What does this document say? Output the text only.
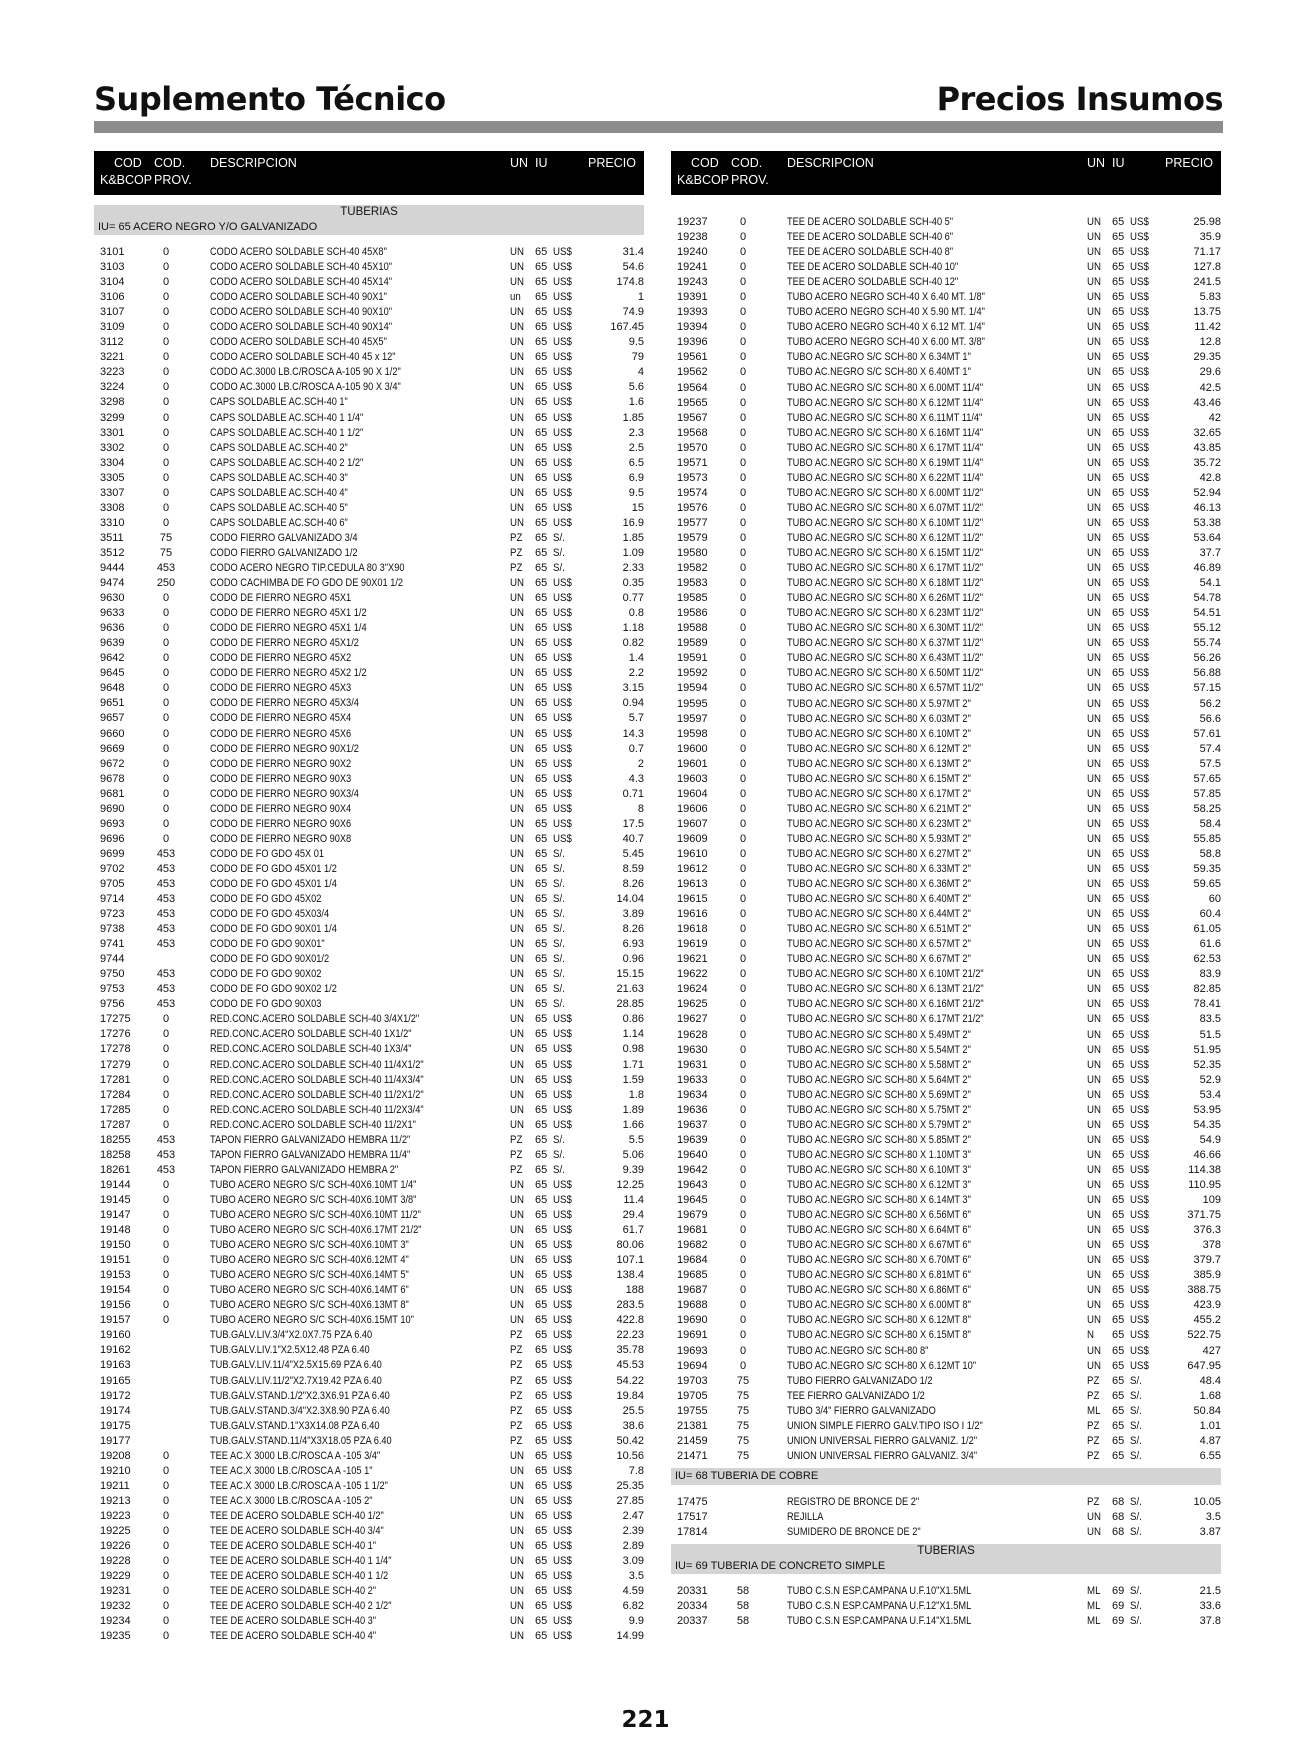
Suplemento Técnico	Precios Insumos
COD
K&BCOP
COD.
PROV.
DESCRIPCION	UN IU	PRECIO
TUBERIAS
IU= 65 ACERO NEGRO Y/O GALVANIZADO
3101	0	CODO ACERO SOLDABLE SCH-40 45X8"	UN 65 US$	31.4
3103	0	CODO ACERO SOLDABLE SCH-40 45X10"	UN 65 US$	54.6
3104	0	CODO ACERO SOLDABLE SCH-40 45X14"	UN 65 US$	174.8
3106	0	CODO ACERO SOLDABLE SCH-40 90X1"	un 65 US$	1
3107	0	CODO ACERO SOLDABLE SCH-40 90X10"	UN 65 US$	74.9
3109	0	CODO ACERO SOLDABLE SCH-40 90X14"	UN 65 US$	167.45
3112	0	CODO ACERO SOLDABLE SCH-40 45X5"	UN 65 US$	9.5
3221	0	CODO ACERO SOLDABLE SCH-40 45 x 12"	UN 65 US$	79
3223	0	CODO AC.3000 LB.C/ROSCA A-105 90 X 1/2"	UN 65 US$	4
3224	0	CODO AC.3000 LB.C/ROSCA A-105 90 X 3/4"	UN 65 US$	5.6
3298	0	CAPS SOLDABLE AC.SCH-40 1"	UN 65 US$	1.6
3299	0	CAPS SOLDABLE AC.SCH-40 1 1/4"	UN 65 US$	1.85
3301	0	CAPS SOLDABLE AC.SCH-40 1 1/2"	UN 65 US$	2.3
3302	0	CAPS SOLDABLE AC.SCH-40 2"	UN 65 US$	2.5
3304	0	CAPS SOLDABLE AC.SCH-40 2 1/2"	UN 65 US$	6.5
3305	0	CAPS SOLDABLE AC.SCH-40 3"	UN 65 US$	6.9
3307	0	CAPS SOLDABLE AC.SCH-40 4"	UN 65 US$	9.5
3308	0	CAPS SOLDABLE AC.SCH-40 5"	UN 65 US$	15
3310	0	CAPS SOLDABLE AC.SCH-40 6"	UN 65 US$	16.9
3511	75	CODO FIERRO GALVANIZADO 3/4	PZ 65 S/.	1.85
3512	75	CODO FIERRO GALVANIZADO 1/2	PZ 65 S/.	1.09
9444	453	CODO ACERO NEGRO TIP.CEDULA 80 3"X90	PZ 65 S/.	2.33
9474	250	CODO CACHIMBA DE FO GDO DE 90X01 1/2	UN 65 US$	0.35
9630	0	CODO DE FIERRO NEGRO 45X1	UN 65 US$	0.77
9633	0	CODO DE FIERRO NEGRO 45X1 1/2	UN 65 US$	0.8
9636	0	CODO DE FIERRO NEGRO 45X1 1/4	UN 65 US$	1.18
9639	0	CODO DE FIERRO NEGRO 45X1/2	UN 65 US$	0.82
9642	0	CODO DE FIERRO NEGRO 45X2	UN 65 US$	1.4
9645	0	CODO DE FIERRO NEGRO 45X2 1/2	UN 65 US$	2.2
9648	0	CODO DE FIERRO NEGRO 45X3	UN 65 US$	3.15
9651	0	CODO DE FIERRO NEGRO 45X3/4	UN 65 US$	0.94
9657	0	CODO DE FIERRO NEGRO 45X4	UN 65 US$	5.7
9660	0	CODO DE FIERRO NEGRO 45X6	UN 65 US$	14.3
9669	0	CODO DE FIERRO NEGRO 90X1/2	UN 65 US$	0.7
9672	0	CODO DE FIERRO NEGRO 90X2	UN 65 US$	2
9678	0	CODO DE FIERRO NEGRO 90X3	UN 65 US$	4.3
9681	0	CODO DE FIERRO NEGRO 90X3/4	UN 65 US$	0.71
9690	0	CODO DE FIERRO NEGRO 90X4	UN 65 US$	8
9693	0	CODO DE FIERRO NEGRO 90X6	UN 65 US$	17.5
9696	0	CODO DE FIERRO NEGRO 90X8	UN 65 US$	40.7
9699	453	CODO DE FO GDO 45X 01	UN 65 S/.	5.45
9702	453	CODO DE FO GDO 45X01 1/2	UN 65 S/.	8.59
9705	453	CODO DE FO GDO 45X01 1/4	UN 65 S/.	8.26
9714	453	CODO DE FO GDO 45X02	UN 65 S/.	14.04
9723	453	CODO DE FO GDO 45X03/4	UN 65 S/.	3.89
9738	453	CODO DE FO GDO 90X01 1/4	UN 65 S/.	8.26
9741	453	CODO DE FO GDO 90X01"	UN 65 S/.	6.93
9744	CODO DE FO GDO 90X01/2	UN 65 S/.	0.96
9750	453	CODO DE FO GDO 90X02	UN 65 S/.	15.15
9753	453	CODO DE FO GDO 90X02 1/2	UN 65 S/.	21.63
9756	453	CODO DE FO GDO 90X03	UN 65 S/.	28.85
17275	0	RED.CONC.ACERO SOLDABLE SCH-40 3/4X1/2"	UN 65 US$	0.86
17276	0	RED.CONC.ACERO SOLDABLE SCH-40 1X1/2"	UN 65 US$	1.14
17278	0	RED.CONC.ACERO SOLDABLE SCH-40 1X3/4"	UN 65 US$	0.98
17279	0	RED.CONC.ACERO SOLDABLE SCH-40 11/4X1/2"	UN 65 US$	1.71
17281	0	RED.CONC.ACERO SOLDABLE SCH-40 11/4X3/4"	UN 65 US$	1.59
17284	0	RED.CONC.ACERO SOLDABLE SCH-40 11/2X1/2"	UN 65 US$	1.8
17285	0	RED.CONC.ACERO SOLDABLE SCH-40 11/2X3/4"	UN 65 US$	1.89
17287	0	RED.CONC.ACERO SOLDABLE SCH-40 11/2X1"	UN 65 US$	1.66
18255 453	TAPON FIERRO GALVANIZADO HEMBRA 11/2"	PZ 65 S/.	5.5
18258 453	TAPON FIERRO GALVANIZADO HEMBRA 11/4"	PZ 65 S/.	5.06
18261 453	TAPON FIERRO GALVANIZADO HEMBRA 2"	PZ 65 S/.	9.39
19144	0	TUBO ACERO NEGRO S/C SCH-40X6.10MT 1/4"	UN 65 US$	12.25
19145	0	TUBO ACERO NEGRO S/C SCH-40X6.10MT 3/8"	UN 65 US$	11.4
19147	0	TUBO ACERO NEGRO S/C SCH-40X6.10MT 11/2"	UN 65 US$	29.4
19148	0	TUBO ACERO NEGRO S/C SCH-40X6.17MT 21/2"	UN 65 US$	61.7
19150	0	TUBO ACERO NEGRO S/C SCH-40X6.10MT 3"	UN 65 US$	80.06
19151	0	TUBO ACERO NEGRO S/C SCH-40X6.12MT 4"	UN 65 US$	107.1
19153	0	TUBO ACERO NEGRO S/C SCH-40X6.14MT 5"	UN 65 US$	138.4
19154	0	TUBO ACERO NEGRO S/C SCH-40X6.14MT 6"	UN 65 US$	188
19156	0	TUBO ACERO NEGRO S/C SCH-40X6.13MT 8"	UN 65 US$	283.5
19157	0	TUBO ACERO NEGRO S/C SCH-40X6.15MT 10"	UN 65 US$	422.8
19160	TUB.GALV.LIV.3/4"X2.0X7.75 PZA 6.40	PZ 65 US$	22.23
19162	TUB.GALV.LIV.1"X2.5X12.48 PZA 6.40	PZ 65 US$	35.78
19163	TUB.GALV.LIV.11/4"X2.5X15.69 PZA 6.40	PZ 65 US$	45.53
19165	TUB.GALV.LIV.11/2"X2.7X19.42 PZA 6.40	PZ 65 US$	54.22
19172	TUB.GALV.STAND.1/2"X2.3X6.91 PZA 6.40	PZ 65 US$	19.84
19174	TUB.GALV.STAND.3/4"X2.3X8.90 PZA 6.40	PZ 65 US$	25.5
19175	TUB.GALV.STAND.1"X3X14.08 PZA 6.40	PZ 65 US$	38.6
19177	TUB.GALV.STAND.11/4"X3X18.05 PZA 6.40	PZ 65 US$	50.42
19208	0	TEE AC.X 3000 LB.C/ROSCA A -105 3/4"	UN 65 US$	10.56
19210	0	TEE AC.X 3000 LB.C/ROSCA A -105 1"	UN 65 US$	7.8
19211	0	TEE AC.X 3000 LB.C/ROSCA A -105 1 1/2"	UN 65 US$	25.35
19213	0	TEE AC.X 3000 LB.C/ROSCA A -105 2"	UN 65 US$	27.85
19223	0	TEE DE ACERO SOLDABLE SCH-40 1/2"	UN 65 US$	2.47
19225	0	TEE DE ACERO SOLDABLE SCH-40 3/4"	UN 65 US$	2.39
19226	0	TEE DE ACERO SOLDABLE SCH-40 1"	UN 65 US$	2.89
19228	0	TEE DE ACERO SOLDABLE SCH-40 1 1/4"	UN 65 US$	3.09
19229	0	TEE DE ACERO SOLDABLE SCH-40 1 1/2	UN 65 US$	3.5
19231	0	TEE DE ACERO SOLDABLE SCH-40 2"	UN 65 US$	4.59
19232	0	TEE DE ACERO SOLDABLE SCH-40 2 1/2"	UN 65 US$	6.82
19234	0	TEE DE ACERO SOLDABLE SCH-40 3"	UN 65 US$	9.9
19235	0	TEE DE ACERO SOLDABLE SCH-40 4"	UN 65 US$	14.99
COD
K&BCOP
COD.
PROV.
DESCRIPCION	UN IU	PRECIO
19237	0	TEE DE ACERO SOLDABLE SCH-40 5"	UN 65 US$	25.98
19238	0	TEE DE ACERO SOLDABLE SCH-40 6"	UN 65 US$	35.9
19240	0	TEE DE ACERO SOLDABLE SCH-40 8"	UN 65 US$	71.17
19241	0	TEE DE ACERO SOLDABLE SCH-40 10"	UN 65 US$	127.8
19243	0	TEE DE ACERO SOLDABLE SCH-40 12"	UN 65 US$	241.5
19391	0	TUBO ACERO NEGRO SCH-40 X 6.40 MT. 1/8"	UN 65 US$	5.83
19393	0	TUBO ACERO NEGRO SCH-40 X 5.90 MT. 1/4"	UN 65 US$	13.75
19394	0	TUBO ACERO NEGRO SCH-40 X 6.12 MT. 1/4"	UN 65 US$	11.42
19396	0	TUBO ACERO NEGRO SCH-40 X 6.00 MT. 3/8"	UN 65 US$	12.8
19561	0	TUBO AC.NEGRO S/C SCH-80 X 6.34MT 1"	UN 65 US$	29.35
19562	0	TUBO AC.NEGRO S/C SCH-80 X 6.40MT 1"	UN 65 US$	29.6
19564	0	TUBO AC.NEGRO S/C SCH-80 X 6.00MT 11/4"	UN 65 US$	42.5
19565	0	TUBO AC.NEGRO S/C SCH-80 X 6.12MT 11/4"	UN 65 US$	43.46
19567	0	TUBO AC.NEGRO S/C SCH-80 X 6.11MT 11/4"	UN 65 US$	42
19568	0	TUBO AC.NEGRO S/C SCH-80 X 6.16MT 11/4"	UN 65 US$	32.65
19570	0	TUBO AC.NEGRO S/C SCH-80 X 6.17MT 11/4"	UN 65 US$	43.85
19571	0	TUBO AC.NEGRO S/C SCH-80 X 6.19MT 11/4"	UN 65 US$	35.72
19573	0	TUBO AC.NEGRO S/C SCH-80 X 6.22MT 11/4"	UN 65 US$	42.8
19574	0	TUBO AC.NEGRO S/C SCH-80 X 6.00MT 11/2"	UN 65 US$	52.94
19576	0	TUBO AC.NEGRO S/C SCH-80 X 6.07MT 11/2"	UN 65 US$	46.13
19577	0	TUBO AC.NEGRO S/C SCH-80 X 6.10MT 11/2"	UN 65 US$	53.38
19579	0	TUBO AC.NEGRO S/C SCH-80 X 6.12MT 11/2"	UN 65 US$	53.64
19580	0	TUBO AC.NEGRO S/C SCH-80 X 6.15MT 11/2"	UN 65 US$	37.7
19582	0	TUBO AC.NEGRO S/C SCH-80 X 6.17MT 11/2"	UN 65 US$	46.89
19583	0	TUBO AC.NEGRO S/C SCH-80 X 6.18MT 11/2"	UN 65 US$	54.1
19585	0	TUBO AC.NEGRO S/C SCH-80 X 6.26MT 11/2"	UN 65 US$	54.78
19586	0	TUBO AC.NEGRO S/C SCH-80 X 6.23MT 11/2"	UN 65 US$	54.51
19588	0	TUBO AC.NEGRO S/C SCH-80 X 6.30MT 11/2"	UN 65 US$	55.12
19589	0	TUBO AC.NEGRO S/C SCH-80 X 6.37MT 11/2"	UN 65 US$	55.74
19591	0	TUBO AC.NEGRO S/C SCH-80 X 6.43MT 11/2"	UN 65 US$	56.26
19592	0	TUBO AC.NEGRO S/C SCH-80 X 6.50MT 11/2"	UN 65 US$	56.88
19594	0	TUBO AC.NEGRO S/C SCH-80 X 6.57MT 11/2"	UN 65 US$	57.15
19595	0	TUBO AC.NEGRO S/C SCH-80 X 5.97MT 2"	UN 65 US$	56.2
19597	0	TUBO AC.NEGRO S/C SCH-80 X 6.03MT 2"	UN 65 US$	56.6
19598	0	TUBO AC.NEGRO S/C SCH-80 X 6.10MT 2"	UN 65 US$	57.61
19600	0	TUBO AC.NEGRO S/C SCH-80 X 6.12MT 2"	UN 65 US$	57.4
19601	0	TUBO AC.NEGRO S/C SCH-80 X 6.13MT 2"	UN 65 US$	57.5
19603	0	TUBO AC.NEGRO S/C SCH-80 X 6.15MT 2"	UN 65 US$	57.65
19604	0	TUBO AC.NEGRO S/C SCH-80 X 6.17MT 2"	UN 65 US$	57.85
19606	0	TUBO AC.NEGRO S/C SCH-80 X 6.21MT 2"	UN 65 US$	58.25
19607	0	TUBO AC.NEGRO S/C SCH-80 X 6.23MT 2"	UN 65 US$	58.4
19609	0	TUBO AC.NEGRO S/C SCH-80 X 5.93MT 2"	UN 65 US$	55.85
19610	0	TUBO AC.NEGRO S/C SCH-80 X 6.27MT 2"	UN 65 US$	58.8
19612	0	TUBO AC.NEGRO S/C SCH-80 X 6.33MT 2"	UN 65 US$	59.35
19613	0	TUBO AC.NEGRO S/C SCH-80 X 6.36MT 2"	UN 65 US$	59.65
19615	0	TUBO AC.NEGRO S/C SCH-80 X 6.40MT 2"	UN 65 US$	60
19616	0	TUBO AC.NEGRO S/C SCH-80 X 6.44MT 2"	UN 65 US$	60.4
19618	0	TUBO AC.NEGRO S/C SCH-80 X 6.51MT 2"	UN 65 US$	61.05
19619	0	TUBO AC.NEGRO S/C SCH-80 X 6.57MT 2"	UN 65 US$	61.6
19621	0	TUBO AC.NEGRO S/C SCH-80 X 6.67MT 2"	UN 65 US$	62.53
19622	0	TUBO AC.NEGRO S/C SCH-80 X 6.10MT 21/2"	UN 65 US$	83.9
19624	0	TUBO AC.NEGRO S/C SCH-80 X 6.13MT 21/2"	UN 65 US$	82.85
19625	0	TUBO AC.NEGRO S/C SCH-80 X 6.16MT 21/2"	UN 65 US$	78.41
19627	0	TUBO AC.NEGRO S/C SCH-80 X 6.17MT 21/2"	UN 65 US$	83.5
19628	0	TUBO AC.NEGRO S/C SCH-80 X 5.49MT 2"	UN 65 US$	51.5
19630	0	TUBO AC.NEGRO S/C SCH-80 X 5.54MT 2"	UN 65 US$	51.95
19631	0	TUBO AC.NEGRO S/C SCH-80 X 5.58MT 2"	UN 65 US$	52.35
19633	0	TUBO AC.NEGRO S/C SCH-80 X 5.64MT 2"	UN 65 US$	52.9
19634	0	TUBO AC.NEGRO S/C SCH-80 X 5.69MT 2"	UN 65 US$	53.4
19636	0	TUBO AC.NEGRO S/C SCH-80 X 5.75MT 2"	UN 65 US$	53.95
19637	0	TUBO AC.NEGRO S/C SCH-80 X 5.79MT 2"	UN 65 US$	54.35
19639	0	TUBO AC.NEGRO S/C SCH-80 X 5.85MT 2"	UN 65 US$	54.9
19640	0	TUBO AC.NEGRO S/C SCH-80 X 1.10MT 3"	UN 65 US$	46.66
19642	0	TUBO AC.NEGRO S/C SCH-80 X 6.10MT 3"	UN 65 US$	114.38
19643	0	TUBO AC.NEGRO S/C SCH-80 X 6.12MT 3"	UN 65 US$	110.95
19645	0	TUBO AC.NEGRO S/C SCH-80 X 6.14MT 3"	UN 65 US$	109
19679	0	TUBO AC.NEGRO S/C SCH-80 X 6.56MT 6"	UN 65 US$	371.75
19681	0	TUBO AC.NEGRO S/C SCH-80 X 6.64MT 6"	UN 65 US$	376.3
19682	0	TUBO AC.NEGRO S/C SCH-80 X 6.67MT 6"	UN 65 US$	378
19684	0	TUBO AC.NEGRO S/C SCH-80 X 6.70MT 6"	UN 65 US$	379.7
19685	0	TUBO AC.NEGRO S/C SCH-80 X 6.81MT 6"	UN 65 US$	385.9
19687	0	TUBO AC.NEGRO S/C SCH-80 X 6.86MT 6"	UN 65 US$	388.75
19688	0	TUBO AC.NEGRO S/C SCH-80 X 6.00MT 8"	UN 65 US$	423.9
19690	0	TUBO AC.NEGRO S/C SCH-80 X 6.12MT 8"	UN 65 US$	455.2
19691	0	TUBO AC.NEGRO S/C SCH-80 X 6.15MT 8"	N 65 US$	522.75
19693	0	TUBO AC.NEGRO S/C SCH-80 8"	UN 65 US$	427
19694	0	TUBO AC.NEGRO S/C SCH-80 X 6.12MT 10"	UN 65 US$	647.95
19703	75	TUBO FIERRO GALVANIZADO 1/2	PZ 65 S/.	48.4
19705	75	TEE FIERRO GALVANIZADO 1/2	PZ 65 S/.	1.68
19755	75	TUBO 3/4" FIERRO GALVANIZADO	ML 65 S/.	50.84
21381	75	UNION SIMPLE FIERRO GALV.TIPO ISO I 1/2"	PZ 65 S/.	1.01
21459	75	UNION UNIVERSAL FIERRO GALVANIZ. 1/2"	PZ 65 S/.	4.87
21471	75	UNION UNIVERSAL FIERRO GALVANIZ. 3/4"	PZ 65 S/.	6.55
IU= 68 TUBERIA DE COBRE
17475	REGISTRO DE BRONCE DE 2"	PZ 68 S/.	10.05
17517	REJILLA	UN 68 S/.	3.5
17814	SUMIDERO DE BRONCE DE 2"	UN 68 S/.	3.87
TUBERIAS
IU= 69 TUBERIA DE CONCRETO SIMPLE
20331	58	TUBO C.S.N ESP.CAMPANA U.F.10"X1.5ML	ML 69 S/.	21.5
20334	58	TUBO C.S.N ESP.CAMPANA U.F.12"X1.5ML	ML 69 S/.	33.6
20337	58	TUBO C.S.N ESP.CAMPANA U.F.14"X1.5ML	ML 69 S/.	37.8
221
